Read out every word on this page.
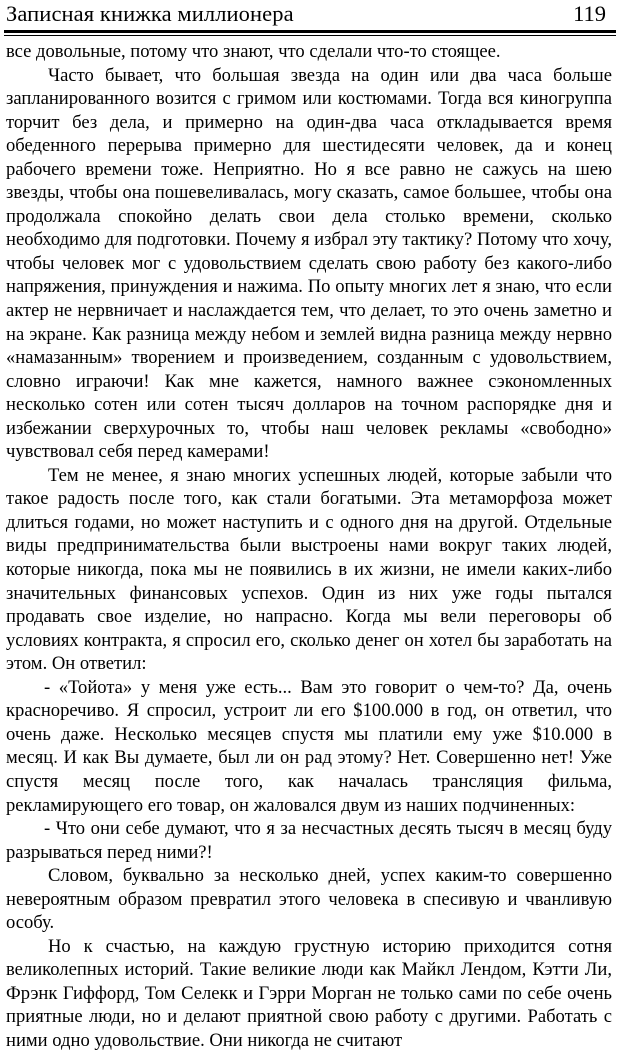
Записная книжка миллионера	119

все довольные, потому что знают, что сделали что-то стоящее.

Часто бывает, что большая звезда на один или два часа больше запланированного возится с гримом или костюмами. Тогда вся киногруппа торчит без дела, и примерно на один-два часа откладывается время обеденного перерыва примерно для шестидесяти человек, да и конец рабочего времени тоже. Неприятно. Но я все равно не сажусь на шею звезды, чтобы она пошевеливалась, могу сказать, самое большее, чтобы она продолжала спокойно делать свои дела столько времени, сколько необходимо для подготовки. Почему я избрал эту тактику? Потому что хочу, чтобы человек мог с удовольствием сделать свою работу без какого-либо напряжения, принуждения и нажима. По опыту многих лет я знаю, что если актер не нервничает и наслаждается тем, что делает, то это очень заметно и на экране. Как разница между небом и землей видна разница между нервно «намазанным» творением и произведением, созданным с удовольствием, словно играючи! Как мне кажется, намного важнее сэкономленных несколько сотен или сотен тысяч долларов на точном распорядке дня и избежании сверхурочных то, чтобы наш человек рекламы «свободно» чувствовал себя перед камерами!

Тем не менее, я знаю многих успешных людей, которые забыли что такое радость после того, как стали богатыми. Эта метаморфоза может длиться годами, но может наступить и с одного дня на другой. Отдельные виды предпринимательства были выстроены нами вокруг таких людей, которые никогда, пока мы не появились в их жизни, не имели каких-либо значительных финансовых успехов. Один из них уже годы пытался продавать свое изделие, но напрасно. Когда мы вели переговоры об условиях контракта, я спросил его, сколько денег он хотел бы заработать на этом. Он ответил:

- «Тойота» у меня уже есть... Вам это говорит о чем-то? Да, очень красноречиво. Я спросил, устроит ли его $100.000 в год, он ответил, что очень даже. Несколько месяцев спустя мы платили ему уже $10.000 в месяц. И как Вы думаете, был ли он рад этому? Нет. Совершенно нет! Уже спустя месяц после того, как началась трансляция фильма, рекламирующего его товар, он жаловался двум из наших подчиненных:

- Что они себе думают, что я за несчастных десять тысяч в месяц буду разрываться перед ними?!

Словом, буквально за несколько дней, успех каким-то совершенно невероятным образом превратил этого человека в спесивую и чванливую особу.

Но к счастью, на каждую грустную историю приходится сотня великолепных историй. Такие великие люди как Майкл Лендом, Кэтти Ли, Фрэнк Гиффорд, Том Селекк и Гэрри Морган не только сами по себе очень приятные люди, но и делают приятной свою работу с другими. Работать с ними одно удовольствие. Они никогда не считают
